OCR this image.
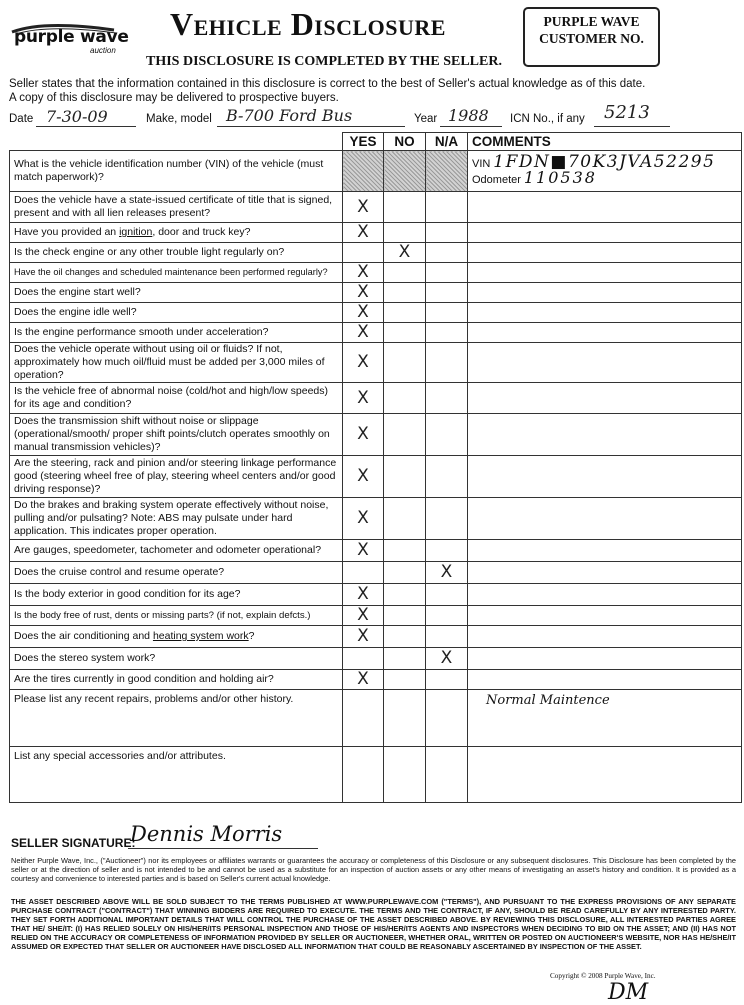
purple wave
auction
Vehicle Disclosure
THIS DISCLOSURE IS COMPLETED BY THE SELLER.
PURPLE WAVE
CUSTOMER NO.
Seller states that the information contained in this disclosure is correct to the best of Seller's actual knowledge as of this date.
A copy of this disclosure may be delivered to prospective buyers.
Date 7-30-09	Make, model B-700 Ford Bus	Year 1988 ICN No., if any 5213
	YES	NO	N/A	COMMENTS
What is the vehicle identification number (VIN) of the vehicle (must match paperwork)?				VIN 1FDN■70K3JVA52295
Odometer 110538

Does the vehicle have a state-issued certificate of title that is signed, present and with all lien releases present?	X			
Have you provided an ignition, door and truck key?	X			
Is the check engine or any other trouble light regularly on?		X		
Have the oil changes and scheduled maintenance been performed regularly?	X			
Does the engine start well?	X			
Does the engine idle well?	X			
Is the engine performance smooth under acceleration?	X			
Does the vehicle operate without using oil or fluids? If not, approximately how much oil/fluid must be added per 3,000 miles of operation?	X			
Is the vehicle free of abnormal noise (cold/hot and high/low speeds) for its age and condition?	X			
Does the transmission shift without noise or slippage (operational/smooth/ proper shift points/clutch operates smoothly on manual transmission vehicles)?	X			
Are the steering, rack and pinion and/or steering linkage performance good (steering wheel free of play, steering wheel centers and/or good driving response)?	X			
Do the brakes and braking system operate effectively without noise, pulling and/or pulsating? Note: ABS may pulsate under hard application. This indicates proper operation.	X			
Are gauges, speedometer, tachometer and odometer operational?	X			
Does the cruise control and resume operate?			X	
Is the body exterior in good condition for its age?	X			
Is the body free of rust, dents or missing parts? (if not, explain defcts.)	X			
Does the air conditioning and heating system work?	X			
Does the stereo system work?			X	
Are the tires currently in good condition and holding air?	X			
Please list any recent repairs, problems and/or other history.				Normal Maintence
List any special accessories and/or attributes.				
SELLER SIGNATURE:
Dennis Morris
Neither Purple Wave, Inc., ("Auctioneer") nor its employees or affiliates warrants or guarantees the accuracy or completeness of this Disclosure or any subsequent disclosures. This Disclosure has been completed by the seller or at the direction of seller and is not intended to be and cannot be used as a substitute for an inspection of auction assets or any other means of investigating an asset's history and condition. It is provided as a courtesy and convenience to interested parties and is based on Seller's current actual knowledge.
THE ASSET DESCRIBED ABOVE WILL BE SOLD SUBJECT TO THE TERMS PUBLISHED AT WWW.PURPLEWAVE.COM ("TERMS"), AND PURSUANT TO THE EXPRESS PROVISIONS OF ANY SEPARATE PURCHASE CONTRACT ("CONTRACT") THAT WINNING BIDDERS ARE REQUIRED TO EXECUTE. THE TERMS AND THE CONTRACT, IF ANY, SHOULD BE READ CAREFULLY BY ANY INTERESTED PARTY. THEY SET FORTH ADDITIONAL IMPORTANT DETAILS THAT WILL CONTROL THE PURCHASE OF THE ASSET DESCRIBED ABOVE. BY REVIEWING THIS DISCLOSURE, ALL INTERESTED PARTIES AGREE THAT HE/ SHE/IT: (I) HAS RELIED SOLELY ON HIS/HER/ITS PERSONAL INSPECTION AND THOSE OF HIS/HER/ITS AGENTS AND INSPECTORS WHEN DECIDING TO BID ON THE ASSET; AND (II) HAS NOT RELIED ON THE ACCURACY OR COMPLETENESS OF INFORMATION PROVIDED BY SELLER OR AUCTIONEER, WHETHER ORAL, WRITTEN OR POSTED ON AUCTIONEER'S WEBSITE, NOR HAS HE/SHE/IT ASSUMED OR EXPECTED THAT SELLER OR AUCTIONEER HAVE DISCLOSED ALL INFORMATION THAT COULD BE REASONABLY ASCERTAINED BY INSPECTION OF THE ASSET.
Copyright © 2008 Purple Wave, Inc.
DM
